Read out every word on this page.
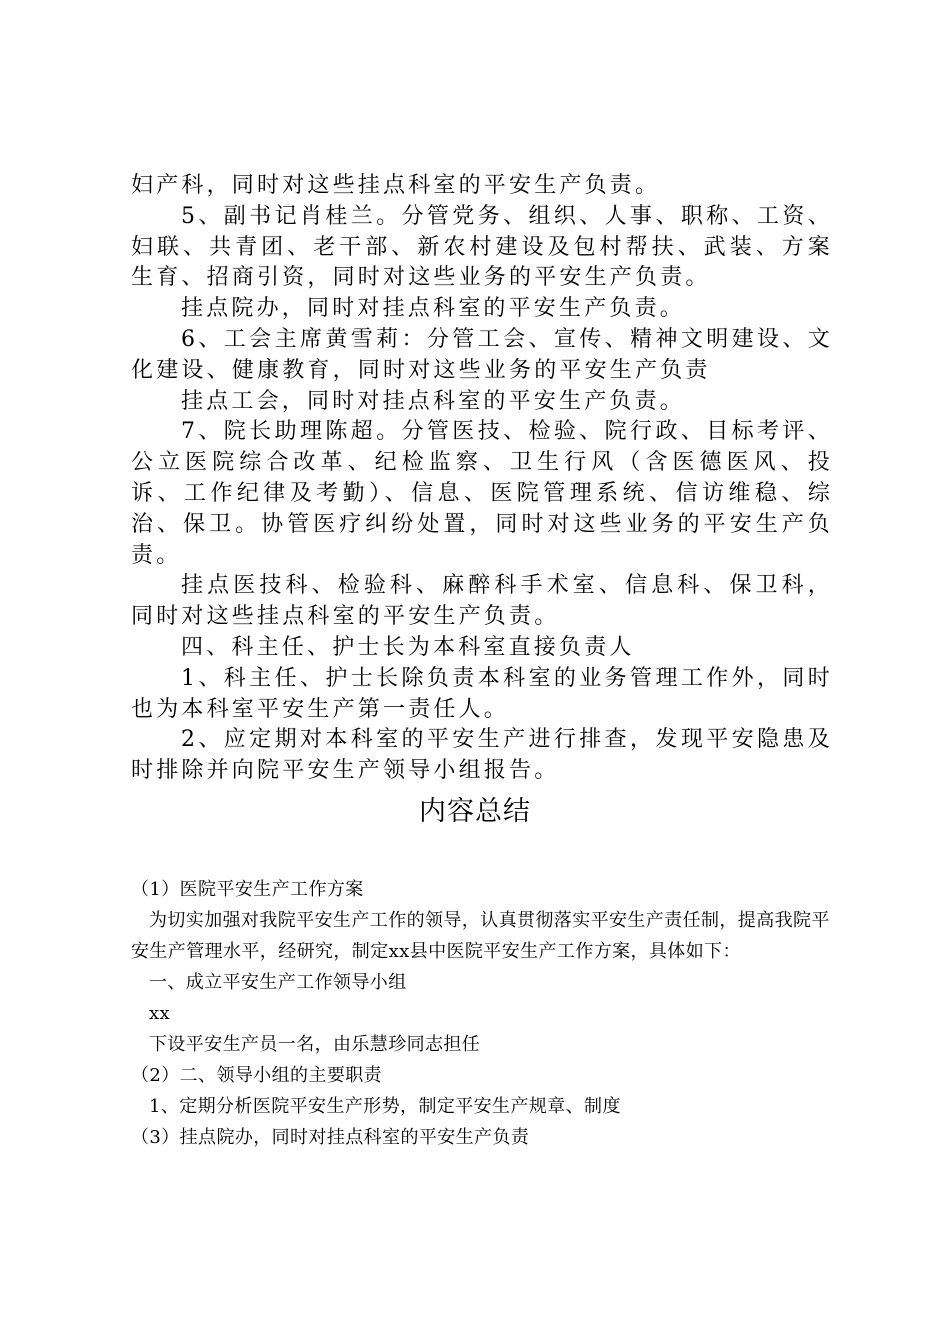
妇产科，同时对这些挂点科室的平安生产负责。

5、副书记肖桂兰。分管党务、组织、人事、职称、工资、妇联、共青团、老干部、新农村建设及包村帮扶、武装、方案生育、招商引资，同时对这些业务的平安生产负责。

挂点院办，同时对挂点科室的平安生产负责。

6、工会主席黄雪莉：分管工会、宣传、精神文明建设、文化建设、健康教育，同时对这些业务的平安生产负责

挂点工会，同时对挂点科室的平安生产负责。

7、院长助理陈超。分管医技、检验、院行政、目标考评、公立医院综合改革、纪检监察、卫生行风（含医德医风、投诉、工作纪律及考勤）、信息、医院管理系统、信访维稳、综治、保卫。协管医疗纠纷处置，同时对这些业务的平安生产负责。

挂点医技科、检验科、麻醉科手术室、信息科、保卫科，同时对这些挂点科室的平安生产负责。

四、科主任、护士长为本科室直接负责人

1、科主任、护士长除负责本科室的业务管理工作外，同时也为本科室平安生产第一责任人。

2、应定期对本科室的平安生产进行排查，发现平安隐患及时排除并向院平安生产领导小组报告。

内容总结

（1）医院平安生产工作方案

为切实加强对我院平安生产工作的领导，认真贯彻落实平安生产责任制，提高我院平安生产管理水平，经研究，制定xx县中医院平安生产工作方案，具体如下：

一、成立平安生产工作领导小组

xx

下设平安生产员一名，由乐慧珍同志担任

（2）二、领导小组的主要职责

1、定期分析医院平安生产形势，制定平安生产规章、制度

（3）挂点院办，同时对挂点科室的平安生产负责
